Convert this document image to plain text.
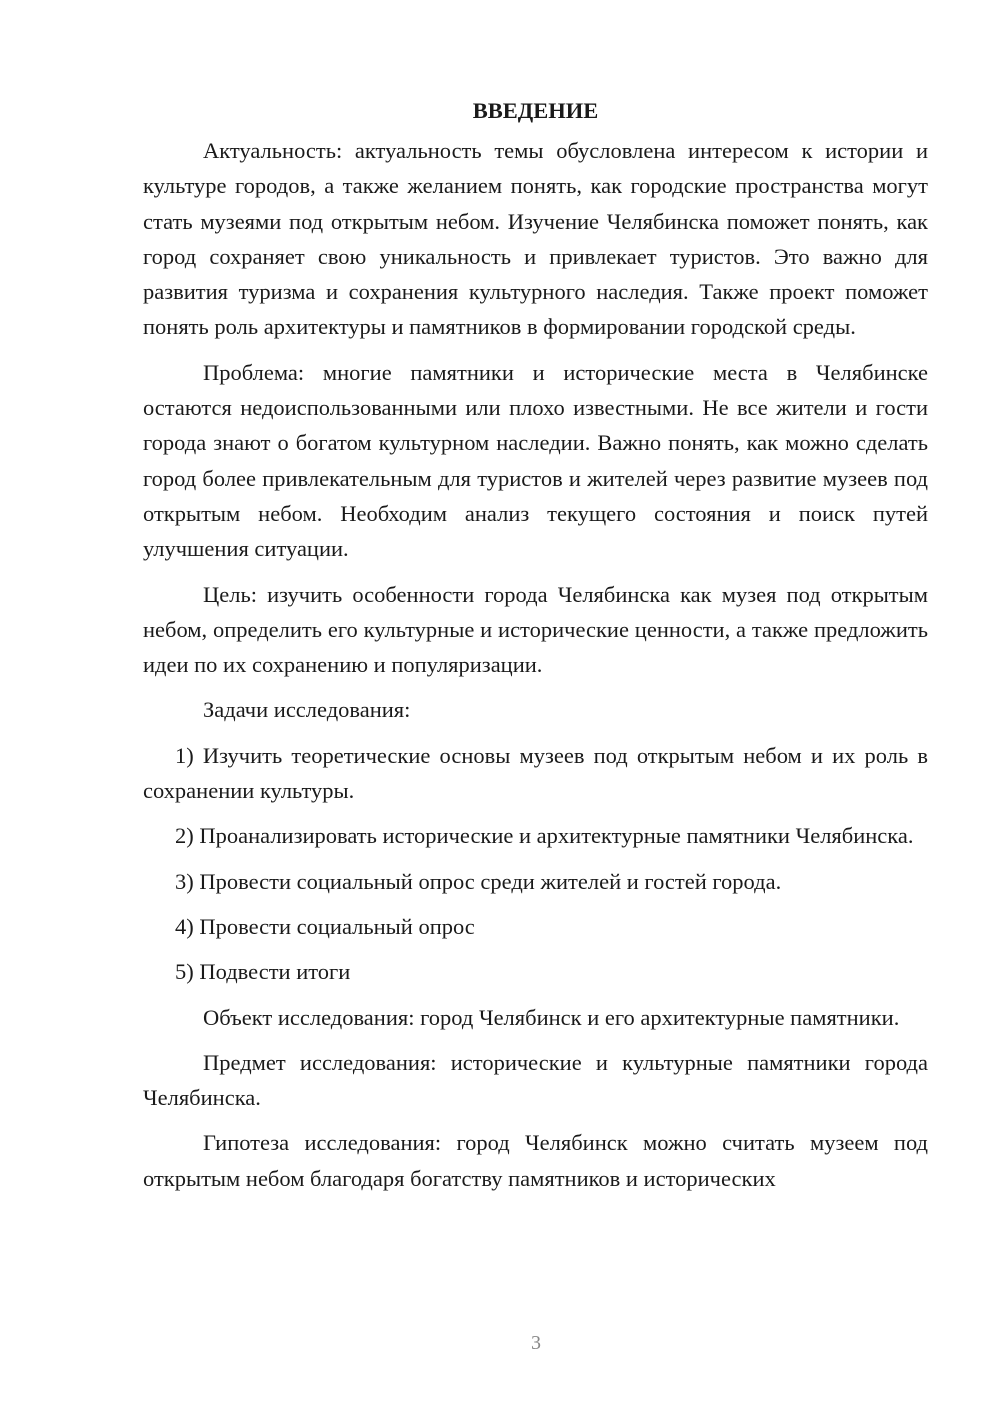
ВВЕДЕНИЕ

Актуальность: актуальность темы обусловлена интересом к истории и культуре городов, а также желанием понять, как городские пространства могут стать музеями под открытым небом. Изучение Челябинска поможет понять, как город сохраняет свою уникальность и привлекает туристов. Это важно для развития туризма и сохранения культурного наследия. Также проект поможет понять роль архитектуры и памятников в формировании городской среды.

Проблема: многие памятники и исторические места в Челябинске остаются недоиспользованными или плохо известными. Не все жители и гости города знают о богатом культурном наследии. Важно понять, как можно сделать город более привлекательным для туристов и жителей через развитие музеев под открытым небом. Необходим анализ текущего состояния и поиск путей улучшения ситуации.

Цель: изучить особенности города Челябинска как музея под открытым небом, определить его культурные и исторические ценности, а также предложить идеи по их сохранению и популяризации.

Задачи исследования:

1) Изучить теоретические основы музеев под открытым небом и их роль в сохранении культуры.

2) Проанализировать исторические и архитектурные памятники Челябинска.

3) Провести социальный опрос среди жителей и гостей города.

4) Провести социальный опрос

5) Подвести итоги

Объект исследования: город Челябинск и его архитектурные памятники.

Предмет исследования: исторические и культурные памятники города Челябинска.

Гипотеза исследования: город Челябинск можно считать музеем под открытым небом благодаря богатству памятников и исторических

3
